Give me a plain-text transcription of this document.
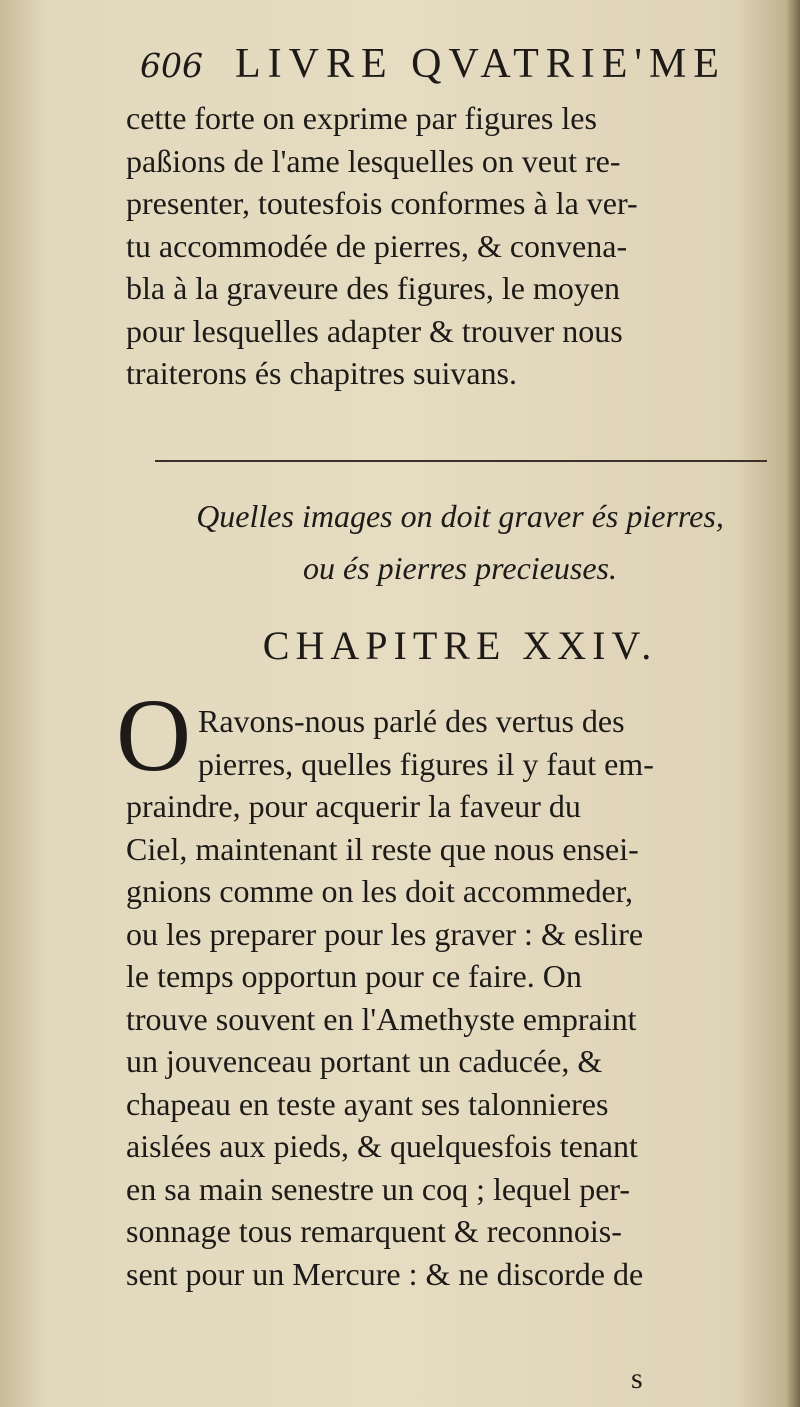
606 LIVRE QVATRIE'ME
cette forte on exprime par figures les
paßions de l'ame lesquelles on veut re-
presenter, toutesfois conformes à la ver-
tu accommodée de pierres, & convena-
bla à la graveure des figures, le moyen
pour lesquelles adapter & trouver nous
traiterons és chapitres suivans.
Quelles images on doit graver és pierres,
ou és pierres precieuses.
CHAPITRE XXIV.
O Ravons-nous parlé des vertus des
pierres, quelles figures il y faut em-
praindre, pour acquerir la faveur du
Ciel, maintenant il reste que nous ensei-
gnions comme on les doit accommeder,
ou les preparer pour les graver : & eslire
le temps opportun pour ce faire. On
trouve souvent en l'Amethyste empraint
un jouvenceau portant un caducée, &
chapeau en teste ayant ses talonnieres
aislées aux pieds, & quelquesfois tenant
en sa main senestre un coq ; lequel per-
sonnage tous remarquent & reconnois-
sent pour un Mercure : & ne discorde de
s
